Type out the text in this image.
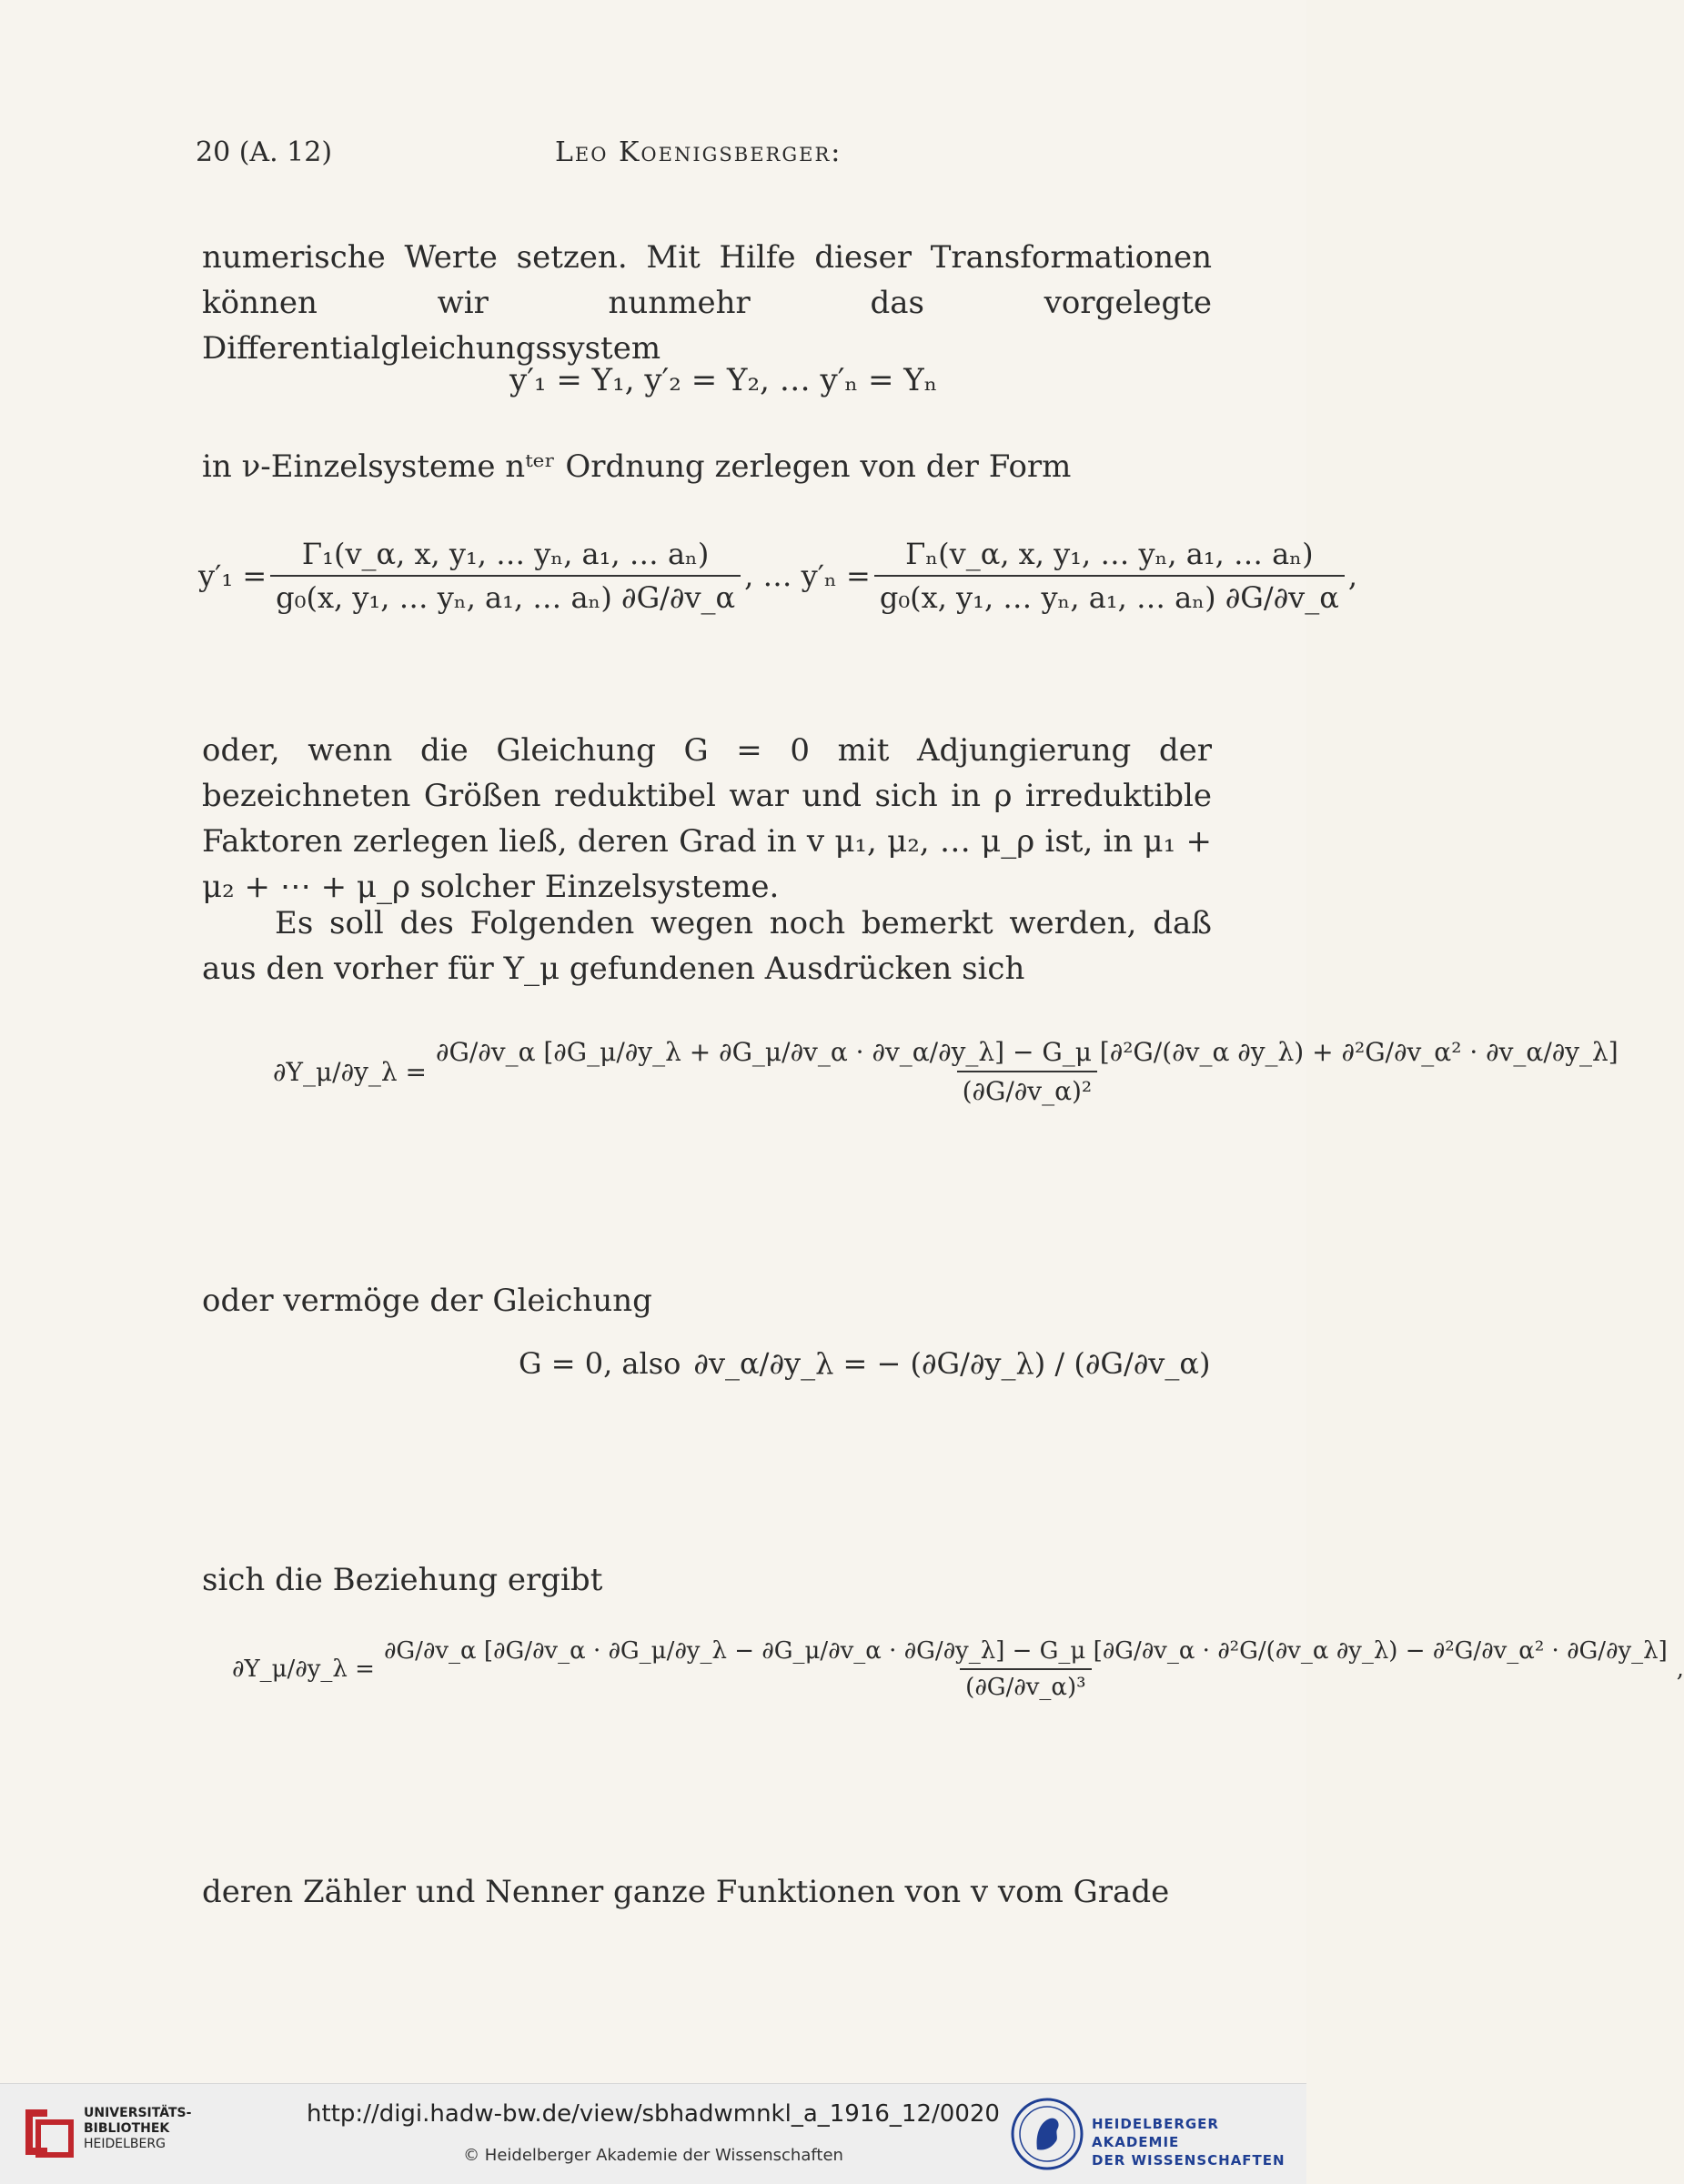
20 (A. 12)	Leo Koenigsberger:
numerische Werte setzen. Mit Hilfe dieser Transformationen können wir nunmehr das vorgelegte Differentialgleichungssystem
y′₁ = Y₁, y′₂ = Y₂, … y′ₙ = Yₙ
in ν-Einzelsysteme nᵗᵉʳ Ordnung zerlegen von der Form
$y'_1 = \frac{\text{Γ₁(v\_α, x, y₁, … yₙ, a₁, … aₙ)}}{\text{g₀(x, y₁, … yₙ, a₁, … aₙ) ∂G/∂v\_α}}$ , … $y'_n = \frac{\text{Γₙ(v\_α, x, y₁, … yₙ, a₁, … aₙ)}}{\text{g₀(x, y₁, … yₙ, a₁, … aₙ) ∂G/∂v\_α}}$ ,
oder, wenn die Gleichung G = 0 mit Adjungierung der bezeichneten Größen reduktibel war und sich in ρ irreduktible Faktoren zerlegen ließ, deren Grad in v μ₁, μ₂, … μ_ρ ist, in μ₁ + μ₂ + ⋯ + μ_ρ solcher Einzelsysteme.
Es soll des Folgenden wegen noch bemerkt werden, daß aus den vorher für Y_μ gefundenen Ausdrücken sich
∂Y_μ/∂y_λ =
∂G/∂v_α [∂G_μ/∂y_λ + ∂G_μ/∂v_α · ∂v_α/∂y_λ] − G_μ [∂²G/(∂v_α ∂y_λ) + ∂²G/∂v_α² · ∂v_α/∂y_λ]
(∂G/∂v_α)²
oder vermöge der Gleichung
G = 0, also ∂v_α/∂y_λ = − (∂G/∂y_λ) / (∂G/∂v_α)
sich die Beziehung ergibt
∂Y_μ/∂y_λ =
∂G/∂v_α [∂G/∂v_α · ∂G_μ/∂y_λ − ∂G_μ/∂v_α · ∂G/∂y_λ] − G_μ [∂G/∂v_α · ∂²G/(∂v_α ∂y_λ) − ∂²G/∂v_α² · ∂G/∂y_λ]
(∂G/∂v_α)³
,
deren Zähler und Nenner ganze Funktionen von v vom Grade
UNIVERSITÄTS-
BIBLIOTHEK
HEIDELBERG
http://digi.hadw-bw.de/view/sbhadwmnkl_a_1916_12/0020
© Heidelberger Akademie der Wissenschaften
HEIDELBERGER AKADEMIE
DER WISSENSCHAFTEN
